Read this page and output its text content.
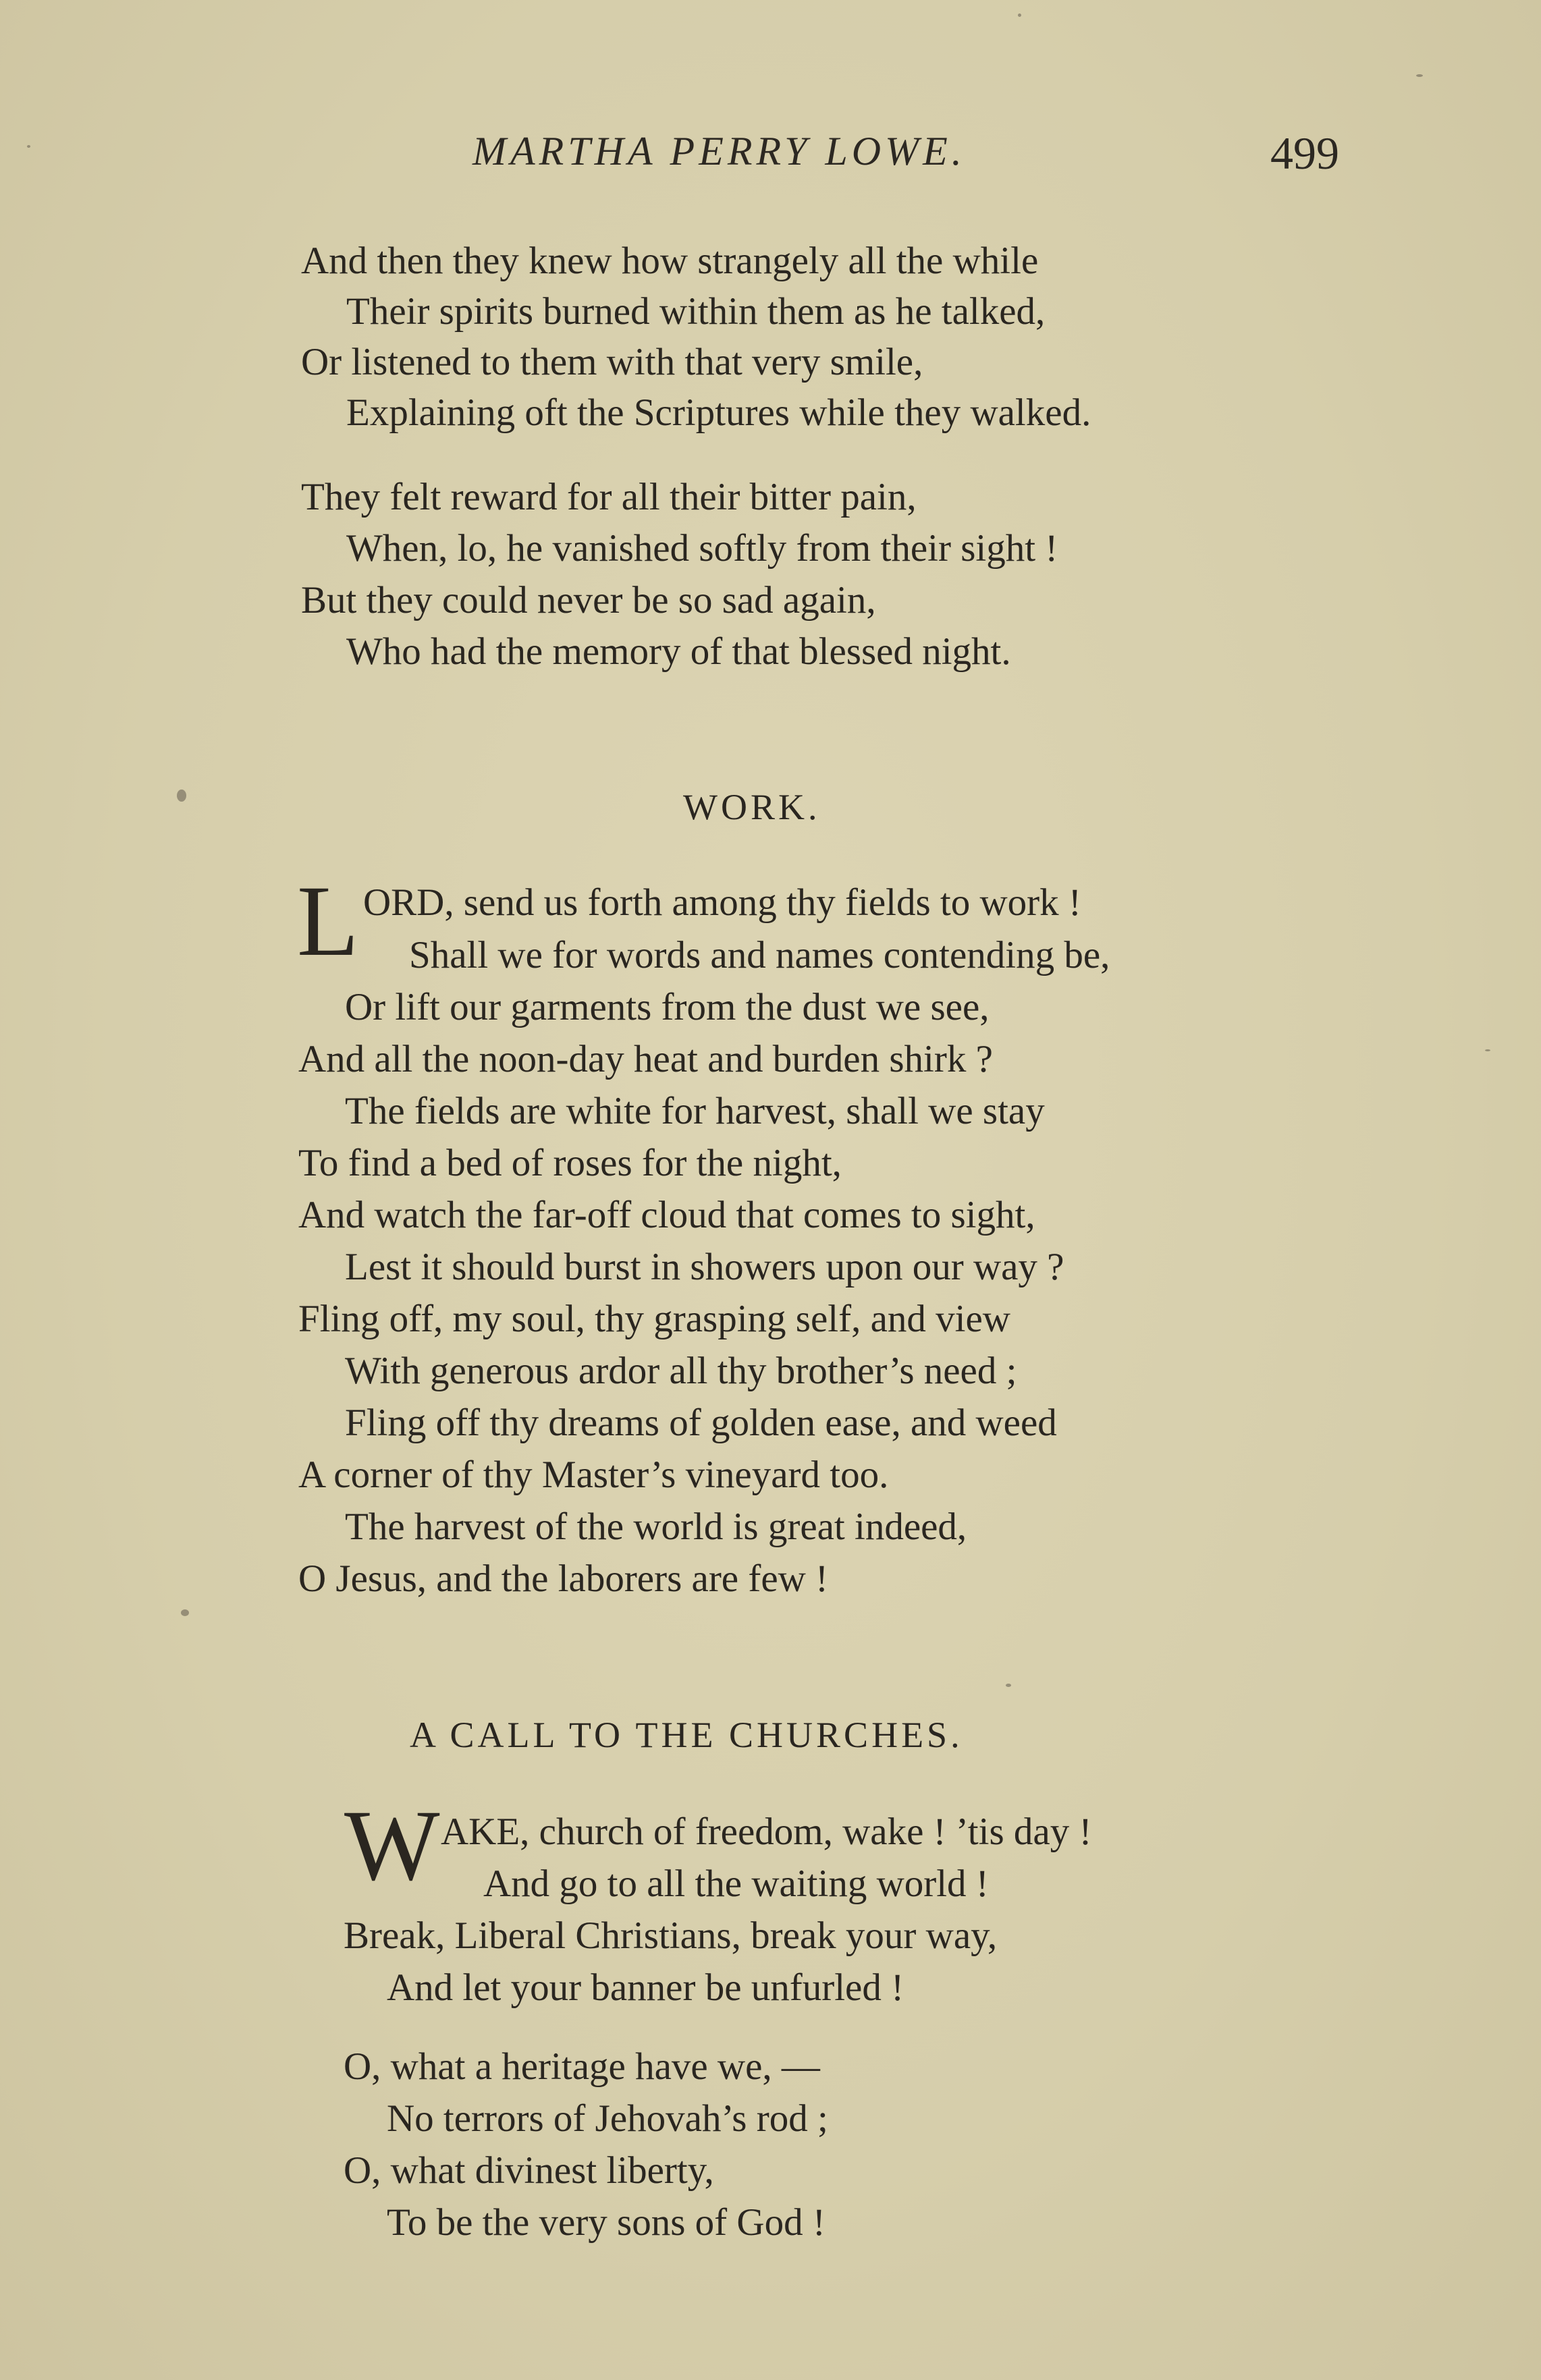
MARTHA PERRY LOWE.	499
And then they knew how strangely all the while
Their spirits burned within them as he talked,
Or listened to them with that very smile,
Explaining oft the Scriptures while they walked.
They felt reward for all their bitter pain,
When, lo, he vanished softly from their sight !
But they could never be so sad again,
Who had the memory of that blessed night.
WORK.
L ORD, send us forth among thy fields to work !
Shall we for words and names contending be,
Or lift our garments from the dust we see,
And all the noon-day heat and burden shirk ?
The fields are white for harvest, shall we stay
To find a bed of roses for the night,
And watch the far-off cloud that comes to sight,
Lest it should burst in showers upon our way ?
Fling off, my soul, thy grasping self, and view
With generous ardor all thy brother’s need ;
Fling off thy dreams of golden ease, and weed
A corner of thy Master’s vineyard too.
The harvest of the world is great indeed,
O Jesus, and the laborers are few !
A CALL TO THE CHURCHES.
W AKE, church of freedom, wake ! ’tis day !
And go to all the waiting world !
Break, Liberal Christians, break your way,
And let your banner be unfurled !
O, what a heritage have we, —
No terrors of Jehovah’s rod ;
O, what divinest liberty,
To be the very sons of God !
